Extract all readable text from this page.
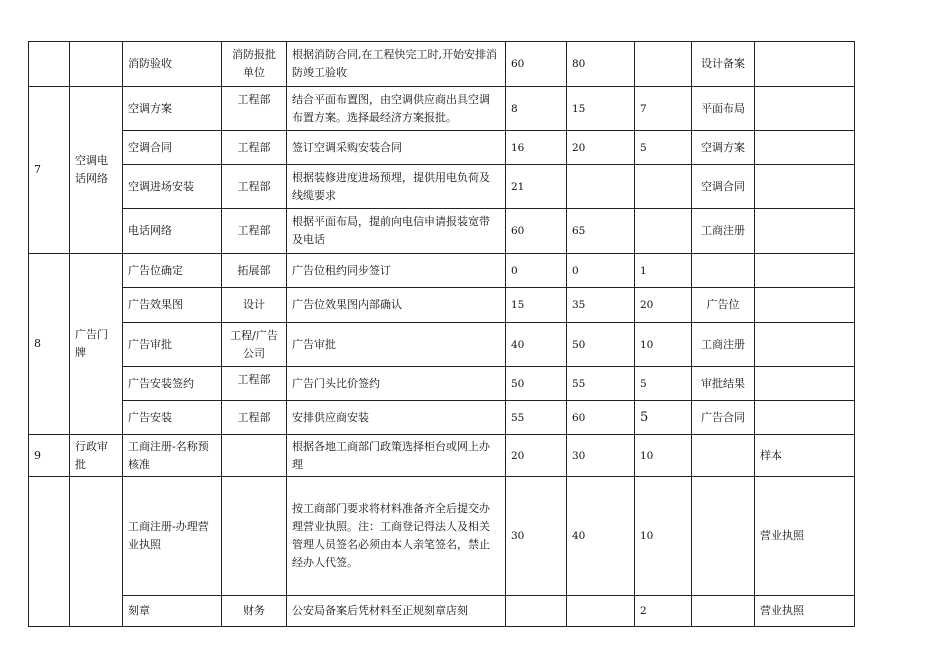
		消防验收	消防报批单位	根据消防合同,在工程快完工时,开始安排消防竣工验收	60	80		设计备案	
7	空调电话网络	空调方案	工程部	结合平面布置图，由空调供应商出具空调布置方案。选择最经济方案报批。	8	15	7	平面布局	
		空调合同	工程部	签订空调采购安装合同	16	20	5	空调方案	
		空调进场安装	工程部	根据装修进度进场预埋，提供用电负荷及线缆要求	21			空调合同	
		电话网络	工程部	根据平面布局，提前向电信申请报装宽带及电话	60	65		工商注册	
8	广告门牌	广告位确定	拓展部	广告位租约同步签订	0	0	1		
		广告效果图	设计	广告位效果图内部确认	15	35	20	广告位	
		广告审批	工程/广告公司	广告审批	40	50	10	工商注册	
		广告安装签约	工程部	广告门头比价签约	50	55	5	审批结果	
		广告安装	工程部	安排供应商安装	55	60	5	广告合同	
9	行政审批	工商注册-名称预核准		根据各地工商部门政策选择柜台或网上办理	20	30	10		样本
		工商注册-办理营业执照		按工商部门要求将材料准备齐全后提交办理营业执照。注：工商登记得法人及相关管理人员签名必须由本人亲笔签名，禁止经办人代签。	30	40	10		营业执照
		刻章	财务	公安局备案后凭材料至正规刻章店刻			2		营业执照
